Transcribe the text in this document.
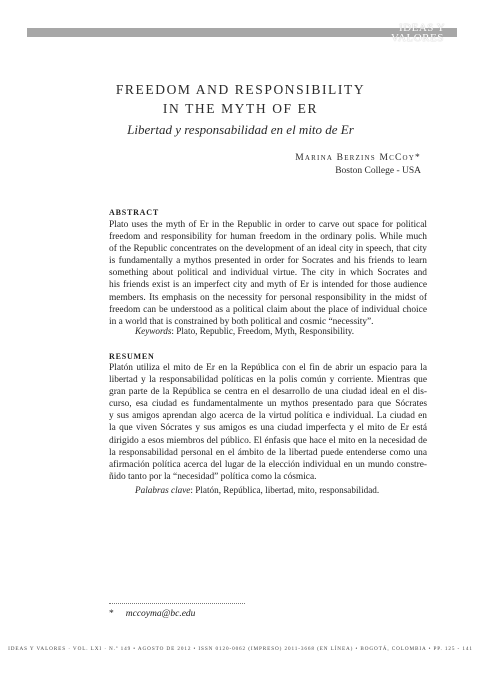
IDEAS Y
VALORES
FREEDOM AND RESPONSIBILITY
IN THE MYTH OF ER
Libertad y responsabilidad en el mito de Er
Marina Berzins McCoy*
Boston College - USA
ABSTRACT
Plato uses the myth of Er in the Republic in order to carve out space for political
freedom and responsibility for human freedom in the ordinary polis. While much
of the Republic concentrates on the development of an ideal city in speech, that city
is fundamentally a mythos presented in order for Socrates and his friends to learn
something about political and individual virtue. The city in which Socrates and
his friends exist is an imperfect city and myth of Er is intended for those audience
members. Its emphasis on the necessity for personal responsibility in the midst of
freedom can be understood as a political claim about the place of individual choice
in a world that is constrained by both political and cosmic “necessity”.
Keywords: Plato, Republic, Freedom, Myth, Responsibility.
RESUMEN
Platón utiliza el mito de Er en la República con el fin de abrir un espacio para la
libertad y la responsabilidad políticas en la polis común y corriente. Mientras que
gran parte de la República se centra en el desarrollo de una ciudad ideal en el dis-
curso, esa ciudad es fundamentalmente un mythos presentado para que Sócrates
y sus amigos aprendan algo acerca de la virtud política e individual. La ciudad en
la que viven Sócrates y sus amigos es una ciudad imperfecta y el mito de Er está
dirigido a esos miembros del público. El énfasis que hace el mito en la necesidad de
la responsabilidad personal en el ámbito de la libertad puede entenderse como una
afirmación política acerca del lugar de la elección individual en un mundo constre-
ñido tanto por la “necesidad” política como la cósmica.
Palabras clave: Platón, República, libertad, mito, responsabilidad.
* mccoyma@bc.edu
IDEAS Y VALORES · VOL. LXI · N.º 149 • AGOSTO DE 2012 • ISSN 0120-0062 (IMPRESO) 2011-3668 (EN LÍNEA) • BOGOTÁ, COLOMBIA • PP. 125 - 141
